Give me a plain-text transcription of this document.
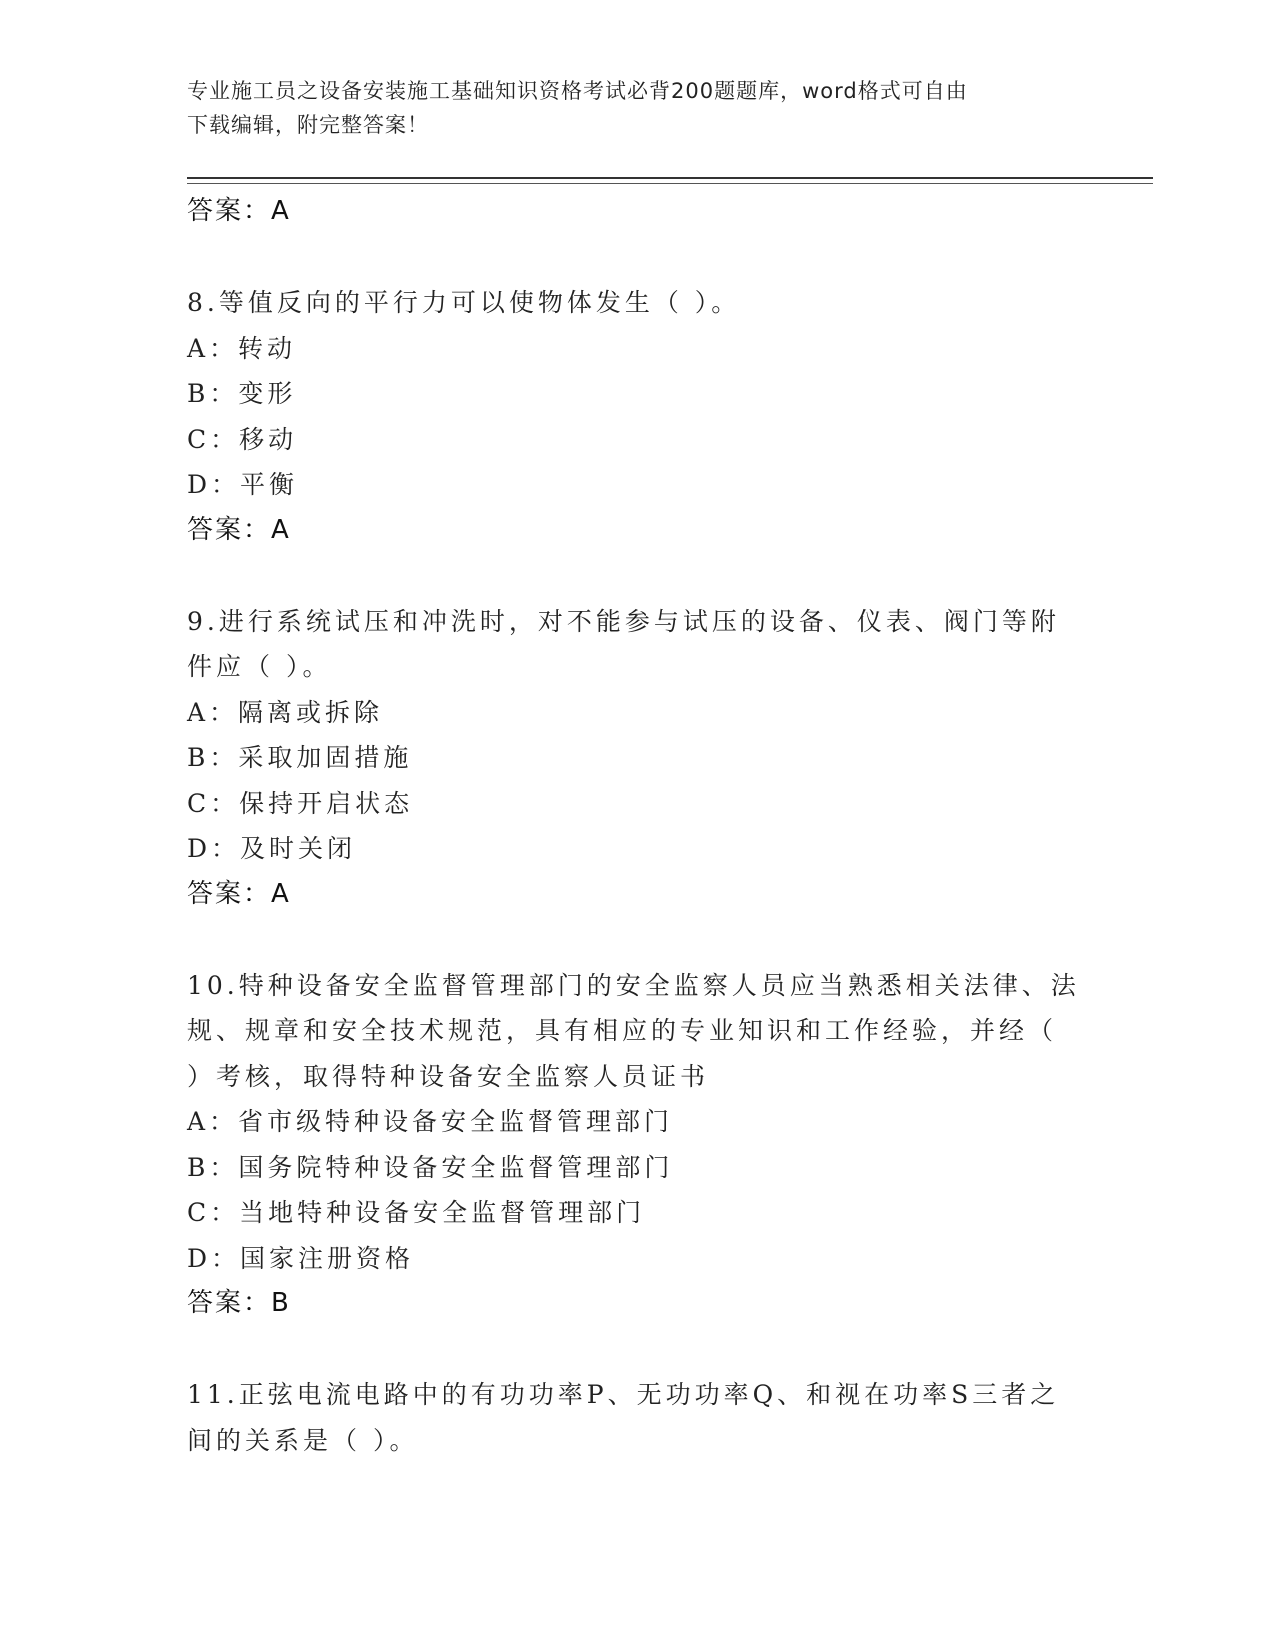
专业施工员之设备安装施工基础知识资格考试必背200题题库，word格式可自由
下载编辑，附完整答案！
答案：A
8.等值反向的平行力可以使物体发生（ ）。
A：转动
B：变形
C：移动
D：平衡
答案：A
9.进行系统试压和冲洗时，对不能参与试压的设备、仪表、阀门等附
件应（ ）。
A：隔离或拆除
B：采取加固措施
C：保持开启状态
D：及时关闭
答案：A
10.特种设备安全监督管理部门的安全监察人员应当熟悉相关法律、法
规、规章和安全技术规范，具有相应的专业知识和工作经验，并经（
）考核，取得特种设备安全监察人员证书
A：省市级特种设备安全监督管理部门
B：国务院特种设备安全监督管理部门
C：当地特种设备安全监督管理部门
D：国家注册资格
答案：B
11.正弦电流电路中的有功功率P、无功功率Q、和视在功率S三者之
间的关系是（ ）。
